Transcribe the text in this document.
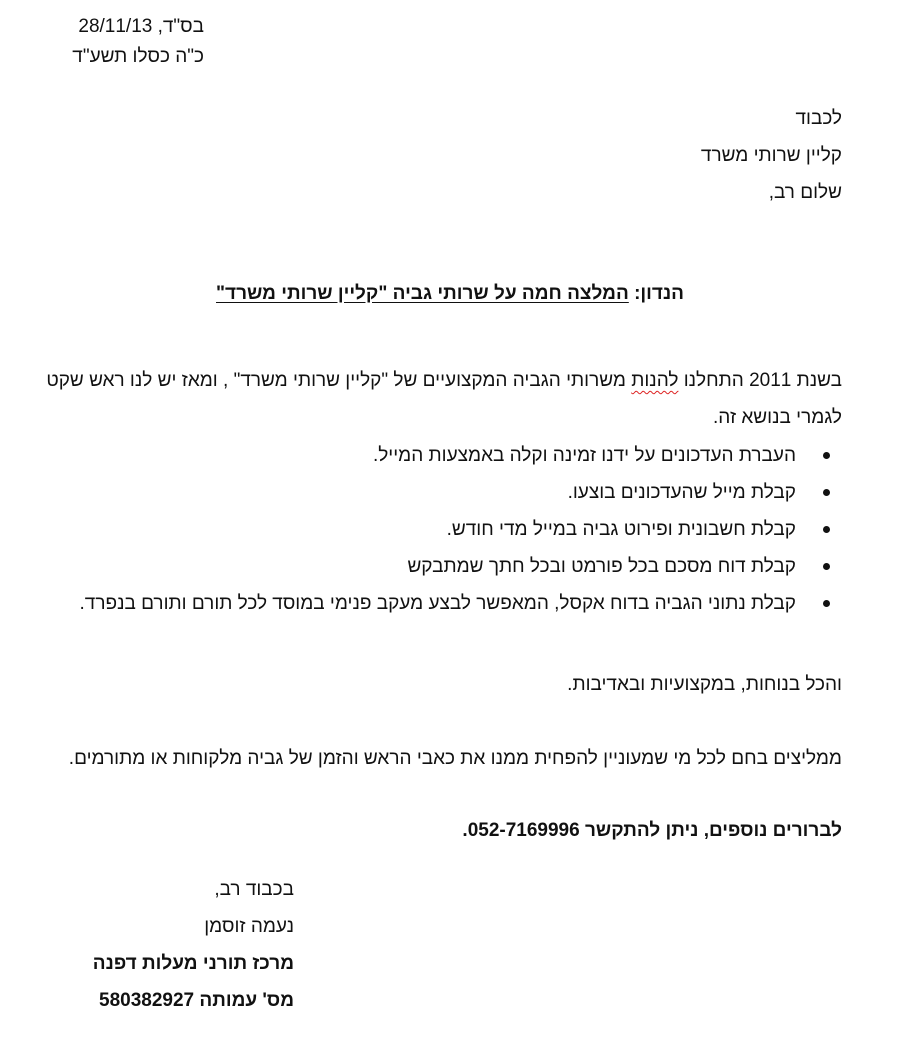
בס"ד, 28/11/13
כ"ה כסלו תשע"ד
לכבוד
קליין שרותי משרד
שלום רב,
הנדון: המלצה חמה על שרותי גביה "קליין שרותי משרד"
בשנת 2011 התחלנו להנות משרותי הגביה המקצועיים של "קליין שרותי משרד" , ומאז יש לנו ראש שקט לגמרי בנושא זה.
העברת העדכונים על ידנו זמינה וקלה באמצעות המייל.
קבלת מייל שהעדכונים בוצעו.
קבלת חשבונית ופירוט גביה במייל מדי חודש.
קבלת דוח מסכם בכל פורמט ובכל חתך שמתבקש
קבלת נתוני הגביה בדוח אקסל, המאפשר לבצע מעקב פנימי במוסד לכל תורם ותורם בנפרד.
והכל בנוחות, במקצועיות ובאדיבות.
ממליצים בחם לכל מי שמעוניין להפחית ממנו את כאבי הראש והזמן של גביה מלקוחות או מתורמים.
לברורים נוספים, ניתן להתקשר 052-7169996.
בכבוד רב,
נעמה זוסמן
מרכז תורני מעלות דפנה
מס' עמותה 580382927
